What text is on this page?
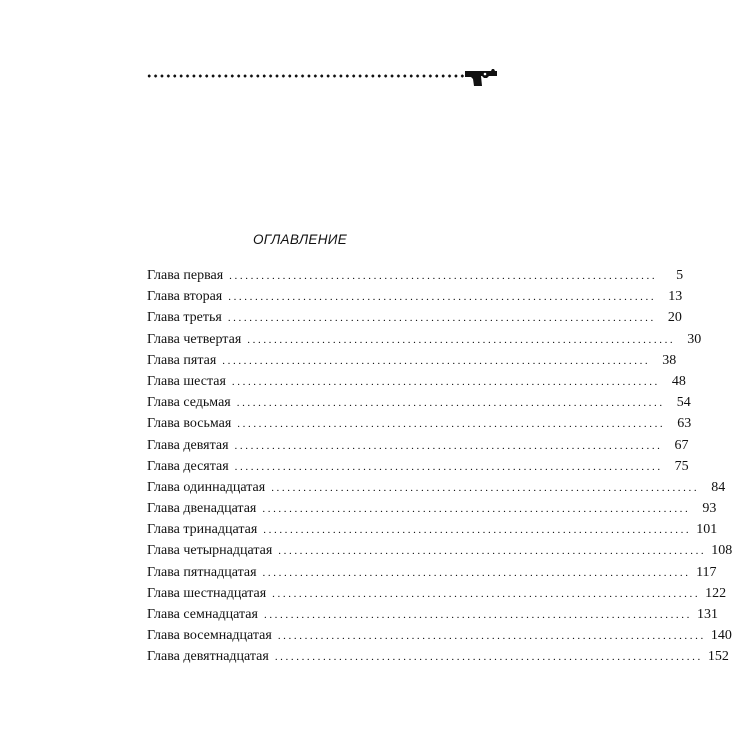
ОГЛАВЛЕНИЕ
Глава первая ................................................................................	5
Глава вторая ................................................................................ 13
Глава третья ................................................................................ 20
Глава четвертая ................................................................................ 30
Глава пятая ................................................................................ 38
Глава шестая ................................................................................ 48
Глава седьмая ................................................................................ 54
Глава восьмая ................................................................................ 63
Глава девятая ................................................................................ 67
Глава десятая ................................................................................ 75
Глава одиннадцатая ................................................................................ 84
Глава двенадцатая ................................................................................ 93
Глава тринадцатая ................................................................................ 101
Глава четырнадцатая ................................................................................ 108
Глава пятнадцатая ................................................................................ 117
Глава шестнадцатая ................................................................................ 122
Глава семнадцатая ................................................................................ 131
Глава восемнадцатая ................................................................................ 140
Глава девятнадцатая ................................................................................ 152
